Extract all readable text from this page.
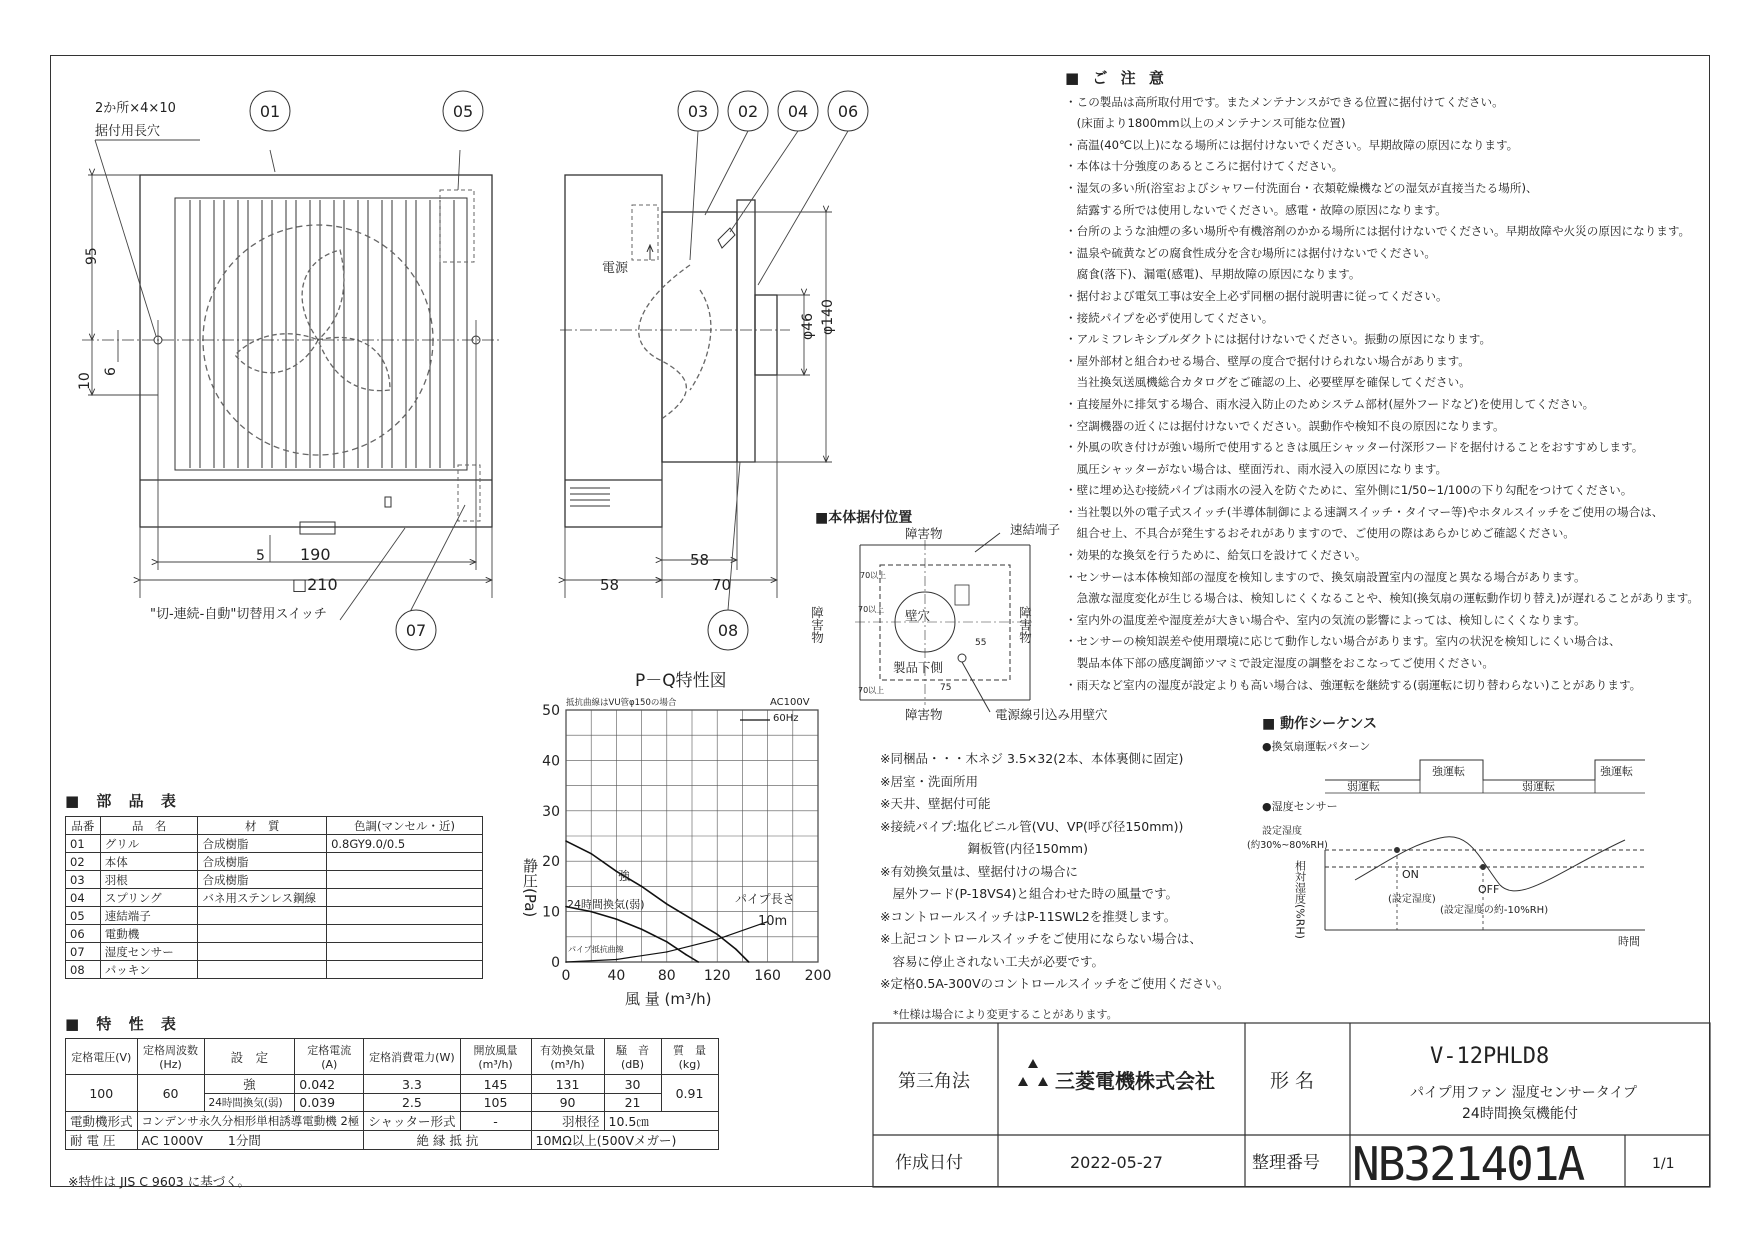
2か所×4×10
据付用長穴
95
10
6
5 190
□210
"切-連続-自動"切替用スイッチ
01	05
07
03 02 04 06
08
電源
φ46 φ140
58
58
70
■本体据付位置
障害物	速結端子
障害物	障害物
壁穴
製品下側
障害物	電源線引込み用壁穴
70以上
70以上
70以上
55
75
0	40 80 120 160 200
0
10
20
30
40
50
P－Q特性図
抵抗曲線はVU管φ150の場合	AC100V
60Hz
静圧(Pa)
風 量 (m³/h)
強
24時間換気(弱)	パイプ長さ
10m
パイプ抵抗曲線
■ 動作シーケンス
●換気扇運転パターン
弱運転
強運転
弱運転
強運転
●湿度センサー
設定湿度
(約30%~80%RH)
相対湿度(%RH)	ON
(設定湿度)
OFF
(設定湿度の約-10%RH)
時間
*仕様は場合により変更することがあります。
第三角法	三菱電機株式会社	形 名
V-12PHLD8
パイプ用ファン 湿度センサータイプ
24時間換気機能付
作成日付	2022-05-27	整理番号 NB321401A	1/1
■ ご 注 意
・この製品は高所取付用です。またメンテナンスができる位置に据付けてください。
　(床面より1800mm以上のメンテナンス可能な位置)
・高温(40℃以上)になる場所には据付けないでください。早期故障の原因になります。
・本体は十分強度のあるところに据付けてください。
・湿気の多い所(浴室およびシャワー付洗面台・衣類乾燥機などの湿気が直接当たる場所)、
　結露する所では使用しないでください。感電・故障の原因になります。
・台所のような油煙の多い場所や有機溶剤のかかる場所には据付けないでください。早期故障や火災の原因になります。
・温泉や硫黄などの腐食性成分を含む場所には据付けないでください。
　腐食(落下)、漏電(感電)、早期故障の原因になります。
・据付および電気工事は安全上必ず同梱の据付説明書に従ってください。
・接続パイプを必ず使用してください。
・アルミフレキシブルダクトには据付けないでください。振動の原因になります。
・屋外部材と組合わせる場合、壁厚の度合で据付けられない場合があります。
　当社換気送風機総合カタログをご確認の上、必要壁厚を確保してください。
・直接屋外に排気する場合、雨水浸入防止のためシステム部材(屋外フードなど)を使用してください。
・空調機器の近くには据付けないでください。誤動作や検知不良の原因になります。
・外風の吹き付けが強い場所で使用するときは風圧シャッター付深形フードを据付けることをおすすめします。
　風圧シャッターがない場合は、壁面汚れ、雨水浸入の原因になります。
・壁に埋め込む接続パイプは雨水の浸入を防ぐために、室外側に1/50~1/100の下り勾配をつけてください。
・当社製以外の電子式スイッチ(半導体制御による速調スイッチ・タイマー等)やホタルスイッチをご使用の場合は、
　組合せ上、不具合が発生するおそれがありますので、ご使用の際はあらかじめご確認ください。
・効果的な換気を行うために、給気口を設けてください。
・センサーは本体検知部の湿度を検知しますので、換気扇設置室内の湿度と異なる場合があります。
　急激な湿度変化が生じる場合は、検知しにくくなることや、検知(換気扇の運転動作切り替え)が遅れることがあります。
・室内外の温度差や湿度差が大きい場合や、室内の気流の影響によっては、検知しにくくなります。
・センサーの検知誤差や使用環境に応じて動作しない場合があります。室内の状況を検知しにくい場合は、
　製品本体下部の感度調節ツマミで設定湿度の調整をおこなってご使用ください。
・雨天など室内の湿度が設定よりも高い場合は、強運転を継続する(弱運転に切り替わらない)ことがあります。
※同梱品・・・木ネジ 3.5×32(2本、本体裏側に固定)
※居室・洗面所用
※天井、壁据付可能
※接続パイプ:塩化ビニル管(VU、VP(呼び径150mm))
　　　　　　　鋼板管(内径150mm)
※有効換気量は、壁据付けの場合に
　屋外フード(P-18VS4)と組合わせた時の風量です。
※コントロールスイッチはP-11SWL2を推奨します。
※上記コントロールスイッチをご使用にならない場合は、
　容易に停止されない工夫が必要です。
※定格0.5A-300Vのコントロールスイッチをご使用ください。
■ 部 品 表
品番	品　名	材　質	色調(マンセル・近)
01	グリル	合成樹脂	0.8GY9.0/0.5
02	本体	合成樹脂	
03	羽根	合成樹脂	
04	スプリング	バネ用ステンレス鋼線	
05	速結端子		
06	電動機		
07	湿度センサー		
08	パッキン		
■ 特 性 表
定格電圧(V)	定格周波数(Hz)	設　定	定格電流(A)	定格消費電力(W)	開放風量(m³/h)	有効換気量(m³/h)	騒　音(dB)	質　量(kg)
100	60	強	0.042	3.3	145	131	30	0.91
		24時間換気(弱)	0.039	2.5	105	90	21	
電動機形式	コンデンサ永久分相形単相誘導電動機 2極			シャッター形式	-	羽根径	10.5㎝	
耐 電 圧	AC 1000V　　1分間			絶 縁 抵 抗		10MΩ以上(500Vメガー)		
※特性は JIS C 9603 に基づく。
